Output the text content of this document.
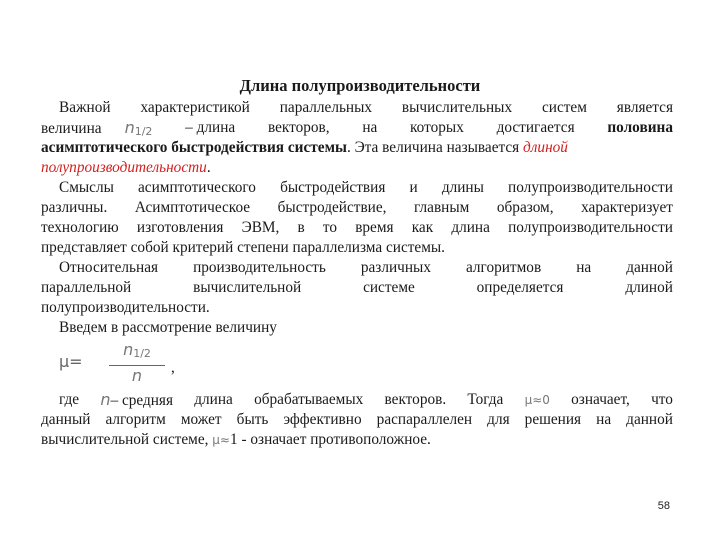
Длина полупроизводительности
Важной характеристикой параллельных вычислительных систем является
величина n1/2 – длина векторов, на которых достигается половина
асимптотического быстродействия системы. Эта величина называется длиной
полупроизводительности.
Смыслы асимптотического быстродействия и длины полупроизводительности
различны. Асимптотическое быстродействие, главным образом, характеризует
технологию изготовления ЭВМ, в то время как длина полупроизводительности
представляет собой критерий степени параллелизма системы.
Относительная производительность различных алгоритмов на данной
параллельной	вычислительной	системе	определяется	длиной
полупроизводительности.
Введем в рассмотрение величину
μ=
n1/2
n	,
где n– средняя длина обрабатываемых векторов. Тогда μ≈0 означает, что
данный алгоритм может быть эффективно распараллелен для решения на данной
вычислительной системе, μ≈1 - означает противоположное.
58
